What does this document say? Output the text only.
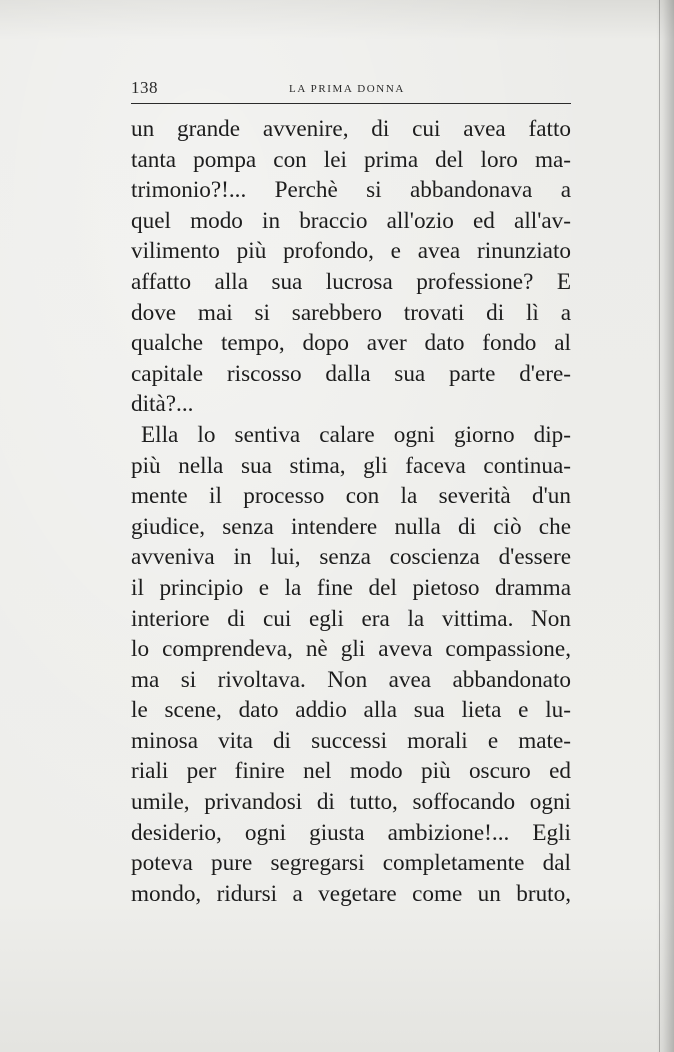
138	LA PRIMA DONNA
un grande avvenire, di cui avea fatto
tanta pompa con lei prima del loro ma-
trimonio?!... Perchè si abbandonava a
quel modo in braccio all'ozio ed all'av-
vilimento più profondo, e avea rinunziato
affatto alla sua lucrosa professione? E
dove mai si sarebbero trovati di lì a
qualche tempo, dopo aver dato fondo al
capitale riscosso dalla sua parte d'ere-
dità?...
Ella lo sentiva calare ogni giorno dip-
più nella sua stima, gli faceva continua-
mente il processo con la severità d'un
giudice, senza intendere nulla di ciò che
avveniva in lui, senza coscienza d'essere
il principio e la fine del pietoso dramma
interiore di cui egli era la vittima. Non
lo comprendeva, nè gli aveva compassione,
ma si rivoltava. Non avea abbandonato
le scene, dato addio alla sua lieta e lu-
minosa vita di successi morali e mate-
riali per finire nel modo più oscuro ed
umile, privandosi di tutto, soffocando ogni
desiderio, ogni giusta ambizione!... Egli
poteva pure segregarsi completamente dal
mondo, ridursi a vegetare come un bruto,
